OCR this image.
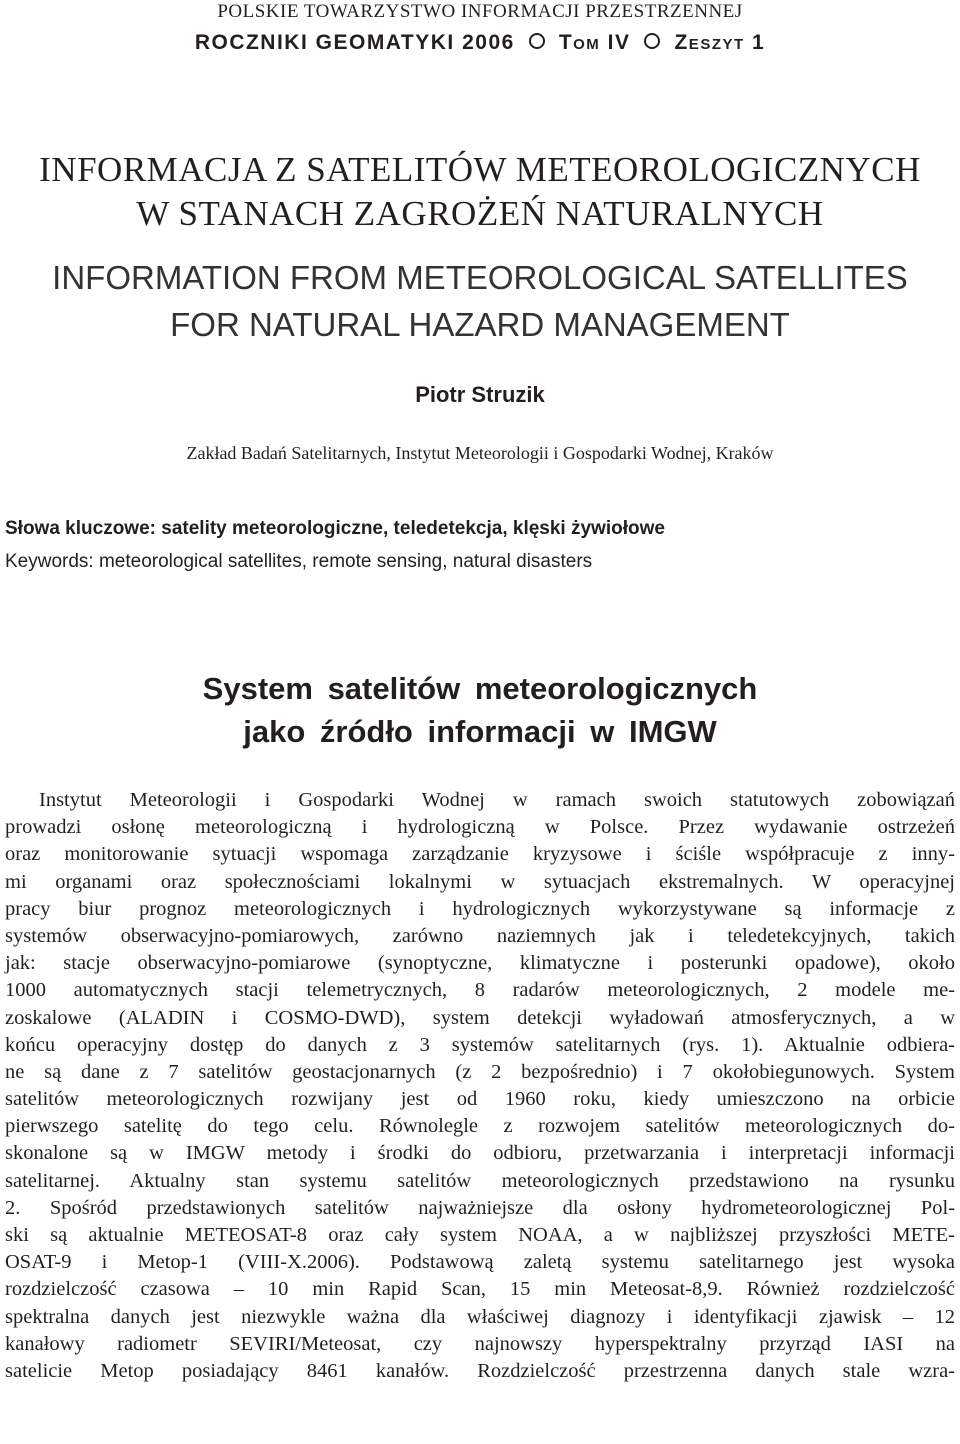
POLSKIE TOWARZYSTWO INFORMACJI PRZESTRZENNEJ
ROCZNIKI GEOMATYKI 2006 Tom IV Zeszyt 1
INFORMACJA Z SATELITÓW METEOROLOGICZNYCH
W STANACH ZAGROŻEŃ NATURALNYCH
INFORMATION FROM METEOROLOGICAL SATELLITES
FOR NATURAL HAZARD MANAGEMENT
Piotr Struzik
Zakład Badań Satelitarnych, Instytut Meteorologii i Gospodarki Wodnej, Kraków
Słowa kluczowe: satelity meteorologiczne, teledetekcja, klęski żywiołowe
Keywords: meteorological satellites, remote sensing, natural disasters
System satelitów meteorologicznych
jako źródło informacji w IMGW
Instytut Meteorologii i Gospodarki Wodnej w ramach swoich statutowych zobowiązań
prowadzi osłonę meteorologiczną i hydrologiczną w Polsce. Przez wydawanie ostrzeżeń
oraz monitorowanie sytuacji wspomaga zarządzanie kryzysowe i ściśle współpracuje z inny-
mi organami oraz społecznościami lokalnymi w sytuacjach ekstremalnych. W operacyjnej
pracy biur prognoz meteorologicznych i hydrologicznych wykorzystywane są informacje z
systemów obserwacyjno-pomiarowych, zarówno naziemnych jak i teledetekcyjnych, takich
jak: stacje obserwacyjno-pomiarowe (synoptyczne, klimatyczne i posterunki opadowe), około
1000 automatycznych stacji telemetrycznych, 8 radarów meteorologicznych, 2 modele me-
zoskalowe (ALADIN i COSMO-DWD), system detekcji wyładowań atmosferycznych, a w
końcu operacyjny dostęp do danych z 3 systemów satelitarnych (rys. 1). Aktualnie odbiera-
ne są dane z 7 satelitów geostacjonarnych (z 2 bezpośrednio) i 7 okołobiegunowych. System
satelitów meteorologicznych rozwijany jest od 1960 roku, kiedy umieszczono na orbicie
pierwszego satelitę do tego celu. Równolegle z rozwojem satelitów meteorologicznych do-
skonalone są w IMGW metody i środki do odbioru, przetwarzania i interpretacji informacji
satelitarnej. Aktualny stan systemu satelitów meteorologicznych przedstawiono na rysunku
2. Spośród przedstawionych satelitów najważniejsze dla osłony hydrometeorologicznej Pol-
ski są aktualnie METEOSAT-8 oraz cały system NOAA, a w najbliższej przyszłości METE-
OSAT-9 i Metop-1 (VIII-X.2006). Podstawową zaletą systemu satelitarnego jest wysoka
rozdzielczość czasowa – 10 min Rapid Scan, 15 min Meteosat-8,9. Również rozdzielczość
spektralna danych jest niezwykle ważna dla właściwej diagnozy i identyfikacji zjawisk – 12
kanałowy radiometr SEVIRI/Meteosat, czy najnowszy hyperspektralny przyrząd IASI na
satelicie Metop posiadający 8461 kanałów. Rozdzielczość przestrzenna danych stale wzra-
